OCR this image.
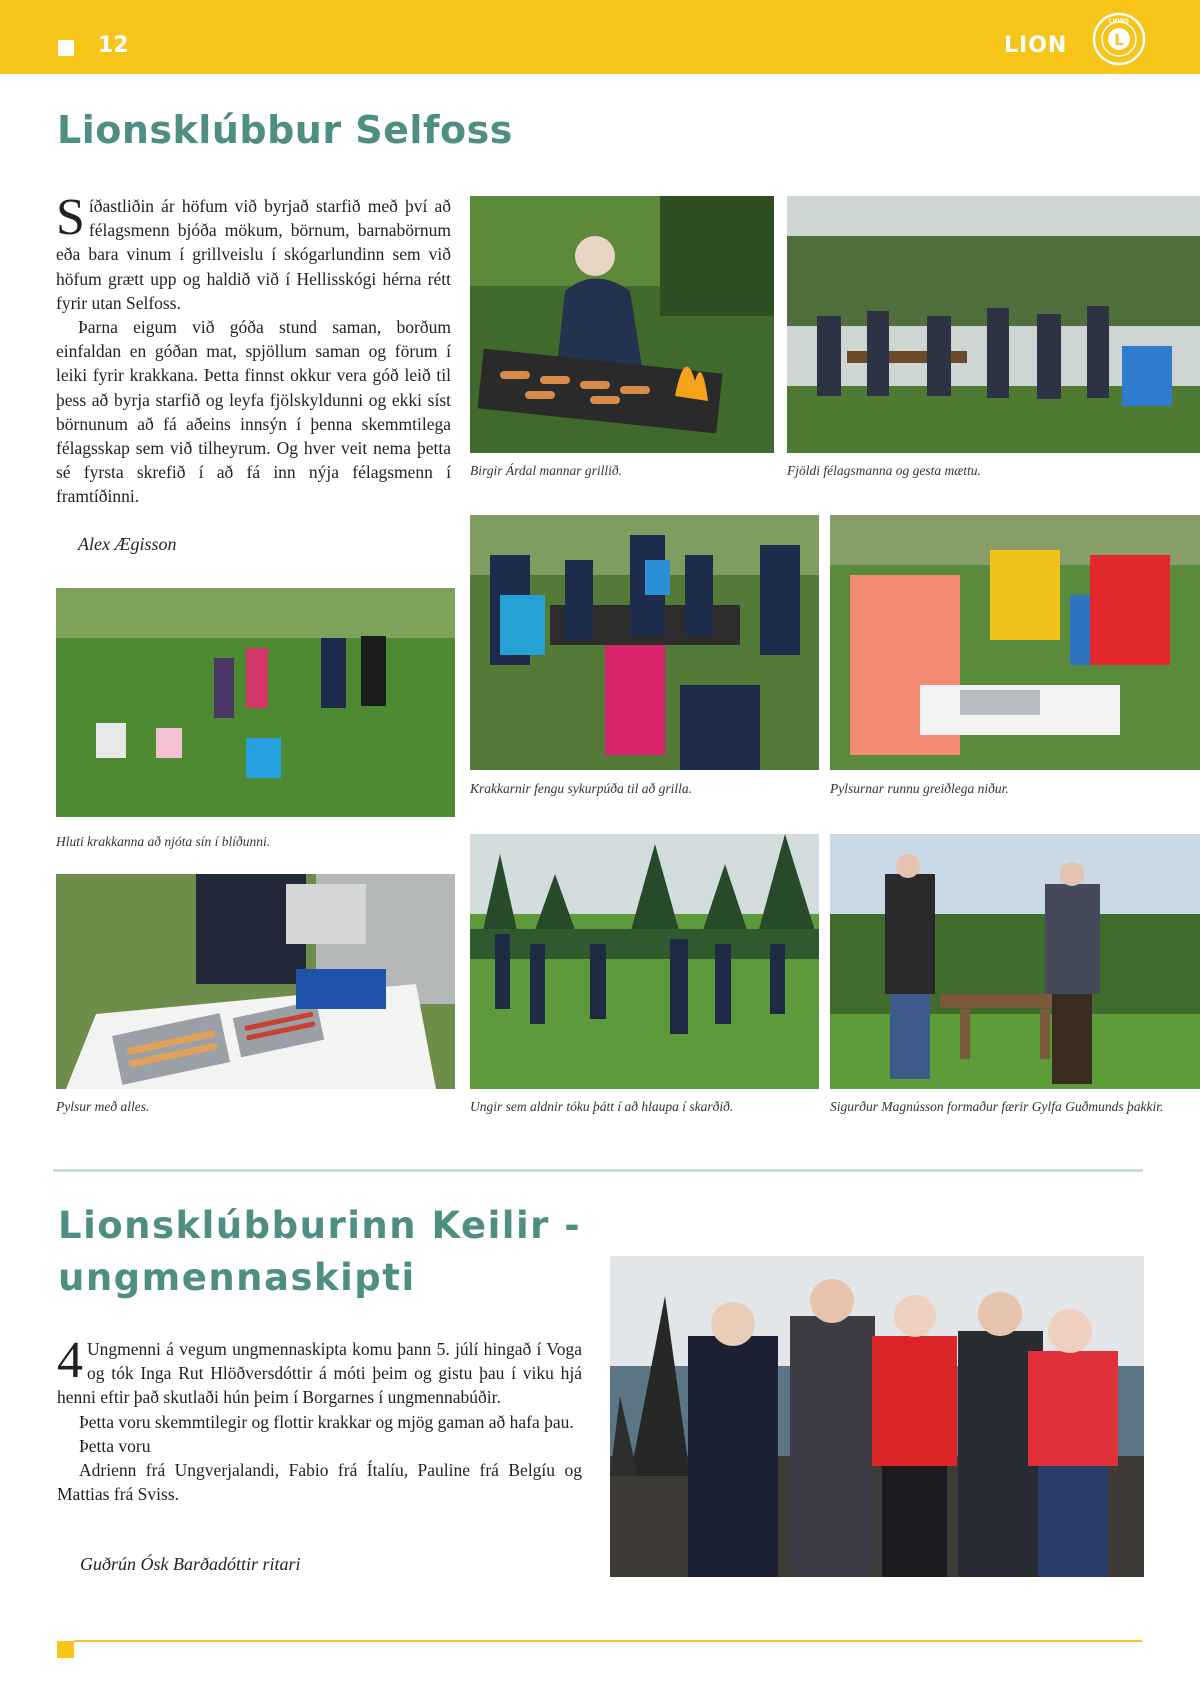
12	LION	L
LIONS
Lionsklúbbur Selfoss

Síðastliðin ár höfum við byrjað starfið með því að félagsmenn bjóða mökum, börnum, barnabörnum eða bara vinum í grillveislu í skógarlundinn sem við höfum grætt upp og haldið við í Hellisskógi hérna rétt fyrir utan Selfoss.

Þarna eigum við góða stund saman, borðum einfaldan en góðan mat, spjöllum saman og förum í leiki fyrir krakkana. Þetta finnst okkur vera góð leið til þess að byrja starfið og leyfa fjölskyldunni og ekki síst börnunum að fá aðeins innsýn í þenna skemmtilega félagsskap sem við tilheyrum. Og hver veit nema þetta sé fyrsta skrefið í að fá inn nýja félagsmenn í framtíðinni.

Alex Ægisson
Birgir Árdal mannar grillið.	Fjöldi félagsmanna og gesta mættu.
Hluti krakkanna að njóta sín í blíðunni.
Krakkarnir fengu sykurpúða til að grilla.	Pylsurnar runnu greiðlega niður.
Pylsur með alles.	Ungir sem aldnir tóku þátt í að hlaupa í skarðið.	Sigurður Magnússon formaður færir Gylfa Guðmunds þakkir.
Lionsklúbburinn Keilir - ungmennaskipti

4 Ungmenni á vegum ungmennaskipta komu þann 5. júlí hingað í Voga og tók Inga Rut Hlöðversdóttir á móti þeim og gistu þau í viku hjá henni eftir það skutlaði hún þeim í Borgarnes í ungmennabúðir.

Þetta voru skemmtilegir og flottir krakkar og mjög gaman að hafa þau.

Þetta voru

Adrienn frá Ungverjalandi, Fabio frá Ítalíu, Pauline frá Belgíu og Mattias frá Sviss.

Guðrún Ósk Barðadóttir ritari
